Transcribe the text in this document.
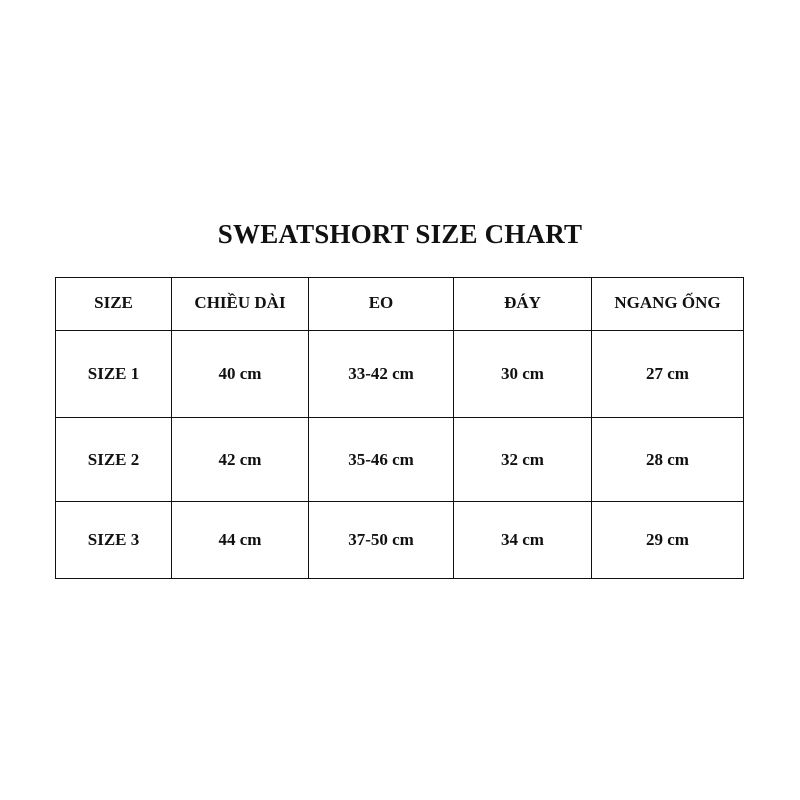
SWEATSHORT SIZE CHART
SIZE	CHIỀU DÀI	EO	ĐÁY	NGANG ỐNG
SIZE 1	40 cm	33-42 cm	30 cm	27 cm
SIZE 2	42 cm	35-46 cm	32 cm	28 cm
SIZE 3	44 cm	37-50 cm	34 cm	29 cm
